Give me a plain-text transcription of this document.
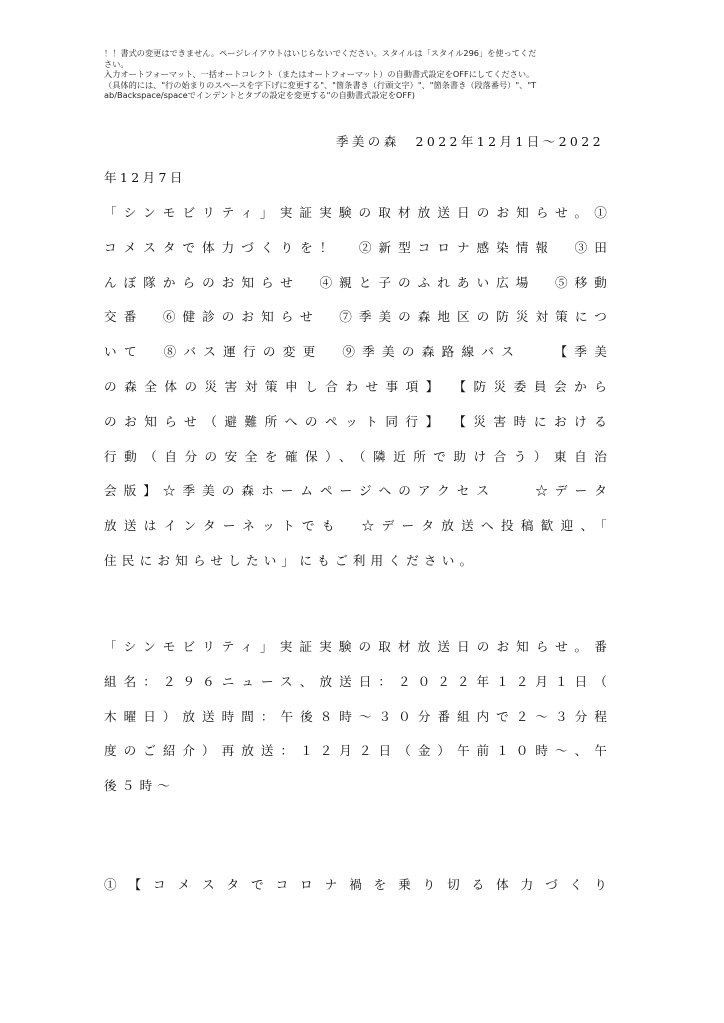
！！書式の変更はできません。ページレイアウトはいじらないでください。スタイルは「スタイル296」を使ってくだ

さい。

入力オートフォーマット、一括オートコレクト（またはオートフォーマット）の自動書式設定をOFFにしてください。

（具体的には、"行の始まりのスペースを字下げに変更する"、"箇条書き（行頭文字）"、"箇条書き（段落番号）"、"T

ab/Backspace/spaceでインデントとタブの設定を変更する"の自動書式設定をOFF)

季美の森　2022年12月1日～2022

年12月7日

「シンモビリティ」実証実験の取材放送日のお知らせ。①
コメスタで体力づくりを！　②新型コロナ感染情報　③田
んぼ隊からのお知らせ　④親と子のふれあい広場　⑤移動
交番　⑥健診のお知らせ　⑦季美の森地区の防災対策につ
いて　⑧バス運行の変更　⑨季美の森路線バス　　【季美
の森全体の災害対策申し合わせ事項】　【防災委員会から
のお知らせ（避難所へのペット同行】　【災害時における
行動（自分の安全を確保）、（隣近所で助け合う）東自治
会版】☆季美の森ホームページへのアクセス　　☆データ
放送はインターネットでも　☆データ放送へ投稿歓迎、「
住民にお知らせしたい」にもご利用ください。
「シンモビリティ」実証実験の取材放送日のお知らせ。番
組名：２９６ニュース、放送日：２０２２年１２月１日（
木曜日）放送時間：午後８時～３０分番組内で２～３分程
度のご紹介）再放送：１２月２日（金）午前１０時～、午
後５時～
①【コメスタでコロナ禍を乗り切る体力づくり
